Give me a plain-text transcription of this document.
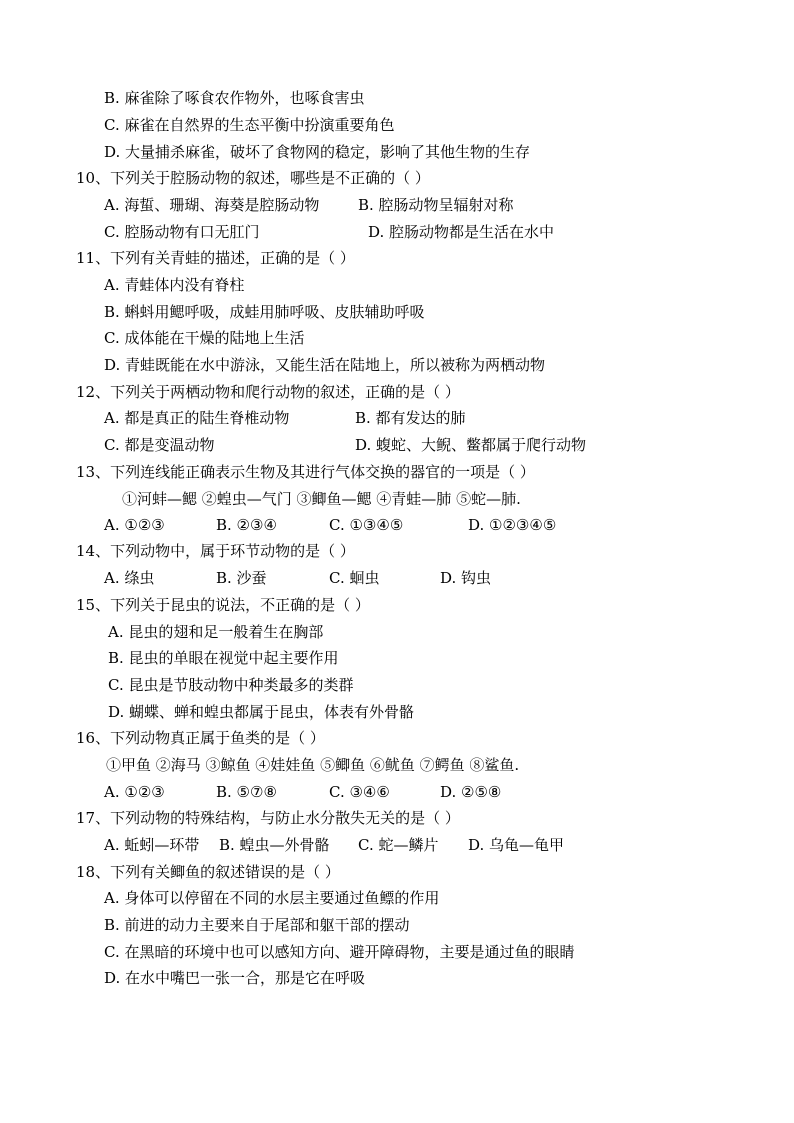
B. 麻雀除了啄食农作物外，也啄食害虫
C. 麻雀在自然界的生态平衡中扮演重要角色
D. 大量捕杀麻雀，破坏了食物网的稳定，影响了其他生物的生存
10、下列关于腔肠动物的叙述，哪些是不正确的（ ）
A. 海蜇、珊瑚、海葵是腔肠动物	B. 腔肠动物呈辐射对称
C. 腔肠动物有口无肛门	D. 腔肠动物都是生活在水中
11、下列有关青蛙的描述，正确的是（ ）
A. 青蛙体内没有脊柱
B. 蝌蚪用鳃呼吸，成蛙用肺呼吸、皮肤辅助呼吸
C. 成体能在干燥的陆地上生活
D. 青蛙既能在水中游泳，又能生活在陆地上，所以被称为两栖动物
12、下列关于两栖动物和爬行动物的叙述，正确的是（ ）
A. 都是真正的陆生脊椎动物	B. 都有发达的肺
C. 都是变温动物	D. 蝮蛇、大鲵、鳖都属于爬行动物
13、下列连线能正确表示生物及其进行气体交换的器官的一项是（ ）
①河蚌—鳃 ②蝗虫—气门 ③鲫鱼—鳃 ④青蛙—肺 ⑤蛇—肺.
A. ①②③	B. ②③④	C. ①③④⑤	D. ①②③④⑤
14、下列动物中，属于环节动物的是（ ）
A. 绦虫	B. 沙蚕	C. 蛔虫	D. 钩虫
15、下列关于昆虫的说法，不正确的是（ ）
A. 昆虫的翅和足一般着生在胸部
B. 昆虫的单眼在视觉中起主要作用
C. 昆虫是节肢动物中种类最多的类群
D. 蝴蝶、蝉和蝗虫都属于昆虫，体表有外骨骼
16、下列动物真正属于鱼类的是（ ）
①甲鱼 ②海马 ③鲸鱼 ④娃娃鱼 ⑤鲫鱼 ⑥鱿鱼 ⑦鳄鱼 ⑧鲨鱼.
A. ①②③	B. ⑤⑦⑧	C. ③④⑥	D. ②⑤⑧
17、下列动物的特殊结构，与防止水分散失无关的是（ ）
A. 蚯蚓—环带 B. 蝗虫—外骨骼 C. 蛇—鳞片 D. 乌龟—龟甲
18、下列有关鲫鱼的叙述错误的是（ ）
A. 身体可以停留在不同的水层主要通过鱼鳔的作用
B. 前进的动力主要来自于尾部和躯干部的摆动
C. 在黑暗的环境中也可以感知方向、避开障碍物，主要是通过鱼的眼睛
D. 在水中嘴巴一张一合，那是它在呼吸
